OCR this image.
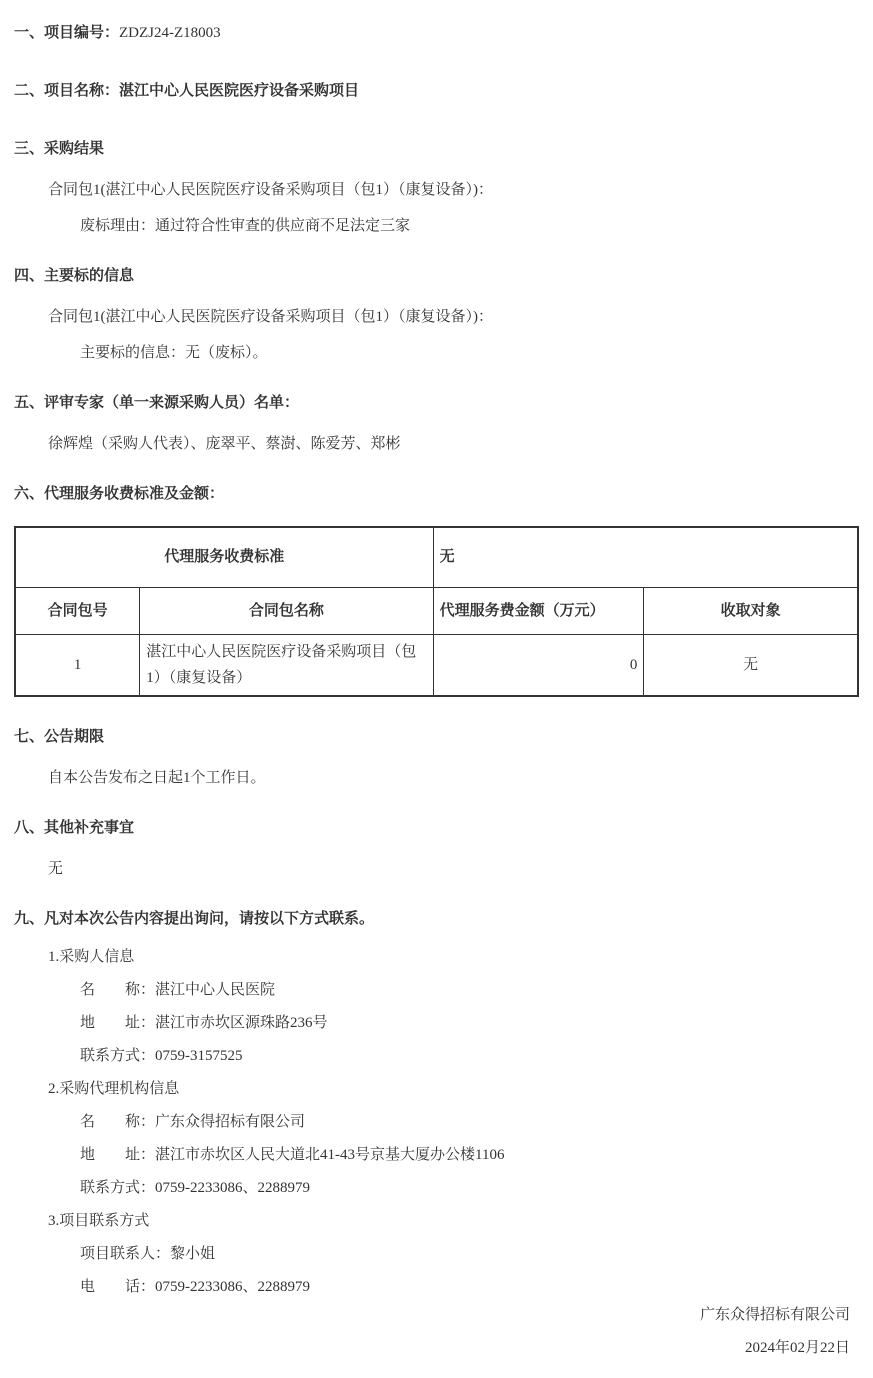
一、项目编号：ZDZJ24-Z18003

二、项目名称：湛江中心人民医院医疗设备采购项目

三、采购结果

合同包1(湛江中心人民医院医疗设备采购项目（包1）（康复设备）)：

废标理由：通过符合性审查的供应商不足法定三家

四、主要标的信息

合同包1(湛江中心人民医院医疗设备采购项目（包1）（康复设备）)：

主要标的信息：无（废标）。

五、评审专家（单一来源采购人员）名单：

徐辉煌（采购人代表）、庞翠平、蔡澍、陈爱芳、郑彬

六、代理服务收费标准及金额：

代理服务收费标准		无	
合同包号	合同包名称	代理服务费金额（万元）	收取对象
1	湛江中心人民医院医疗设备采购项目（包1）（康复设备）	0	无

七、公告期限

自本公告发布之日起1个工作日。

八、其他补充事宜

无

九、凡对本次公告内容提出询问，请按以下方式联系。

1.采购人信息

名　　称：湛江中心人民医院

地　　址：湛江市赤坎区源珠路236号

联系方式：0759-3157525

2.采购代理机构信息

名　　称：广东众得招标有限公司

地　　址：湛江市赤坎区人民大道北41-43号京基大厦办公楼1106

联系方式：0759-2233086、2288979

3.项目联系方式

项目联系人：黎小姐

电　　话：0759-2233086、2288979

广东众得招标有限公司

2024年02月22日
